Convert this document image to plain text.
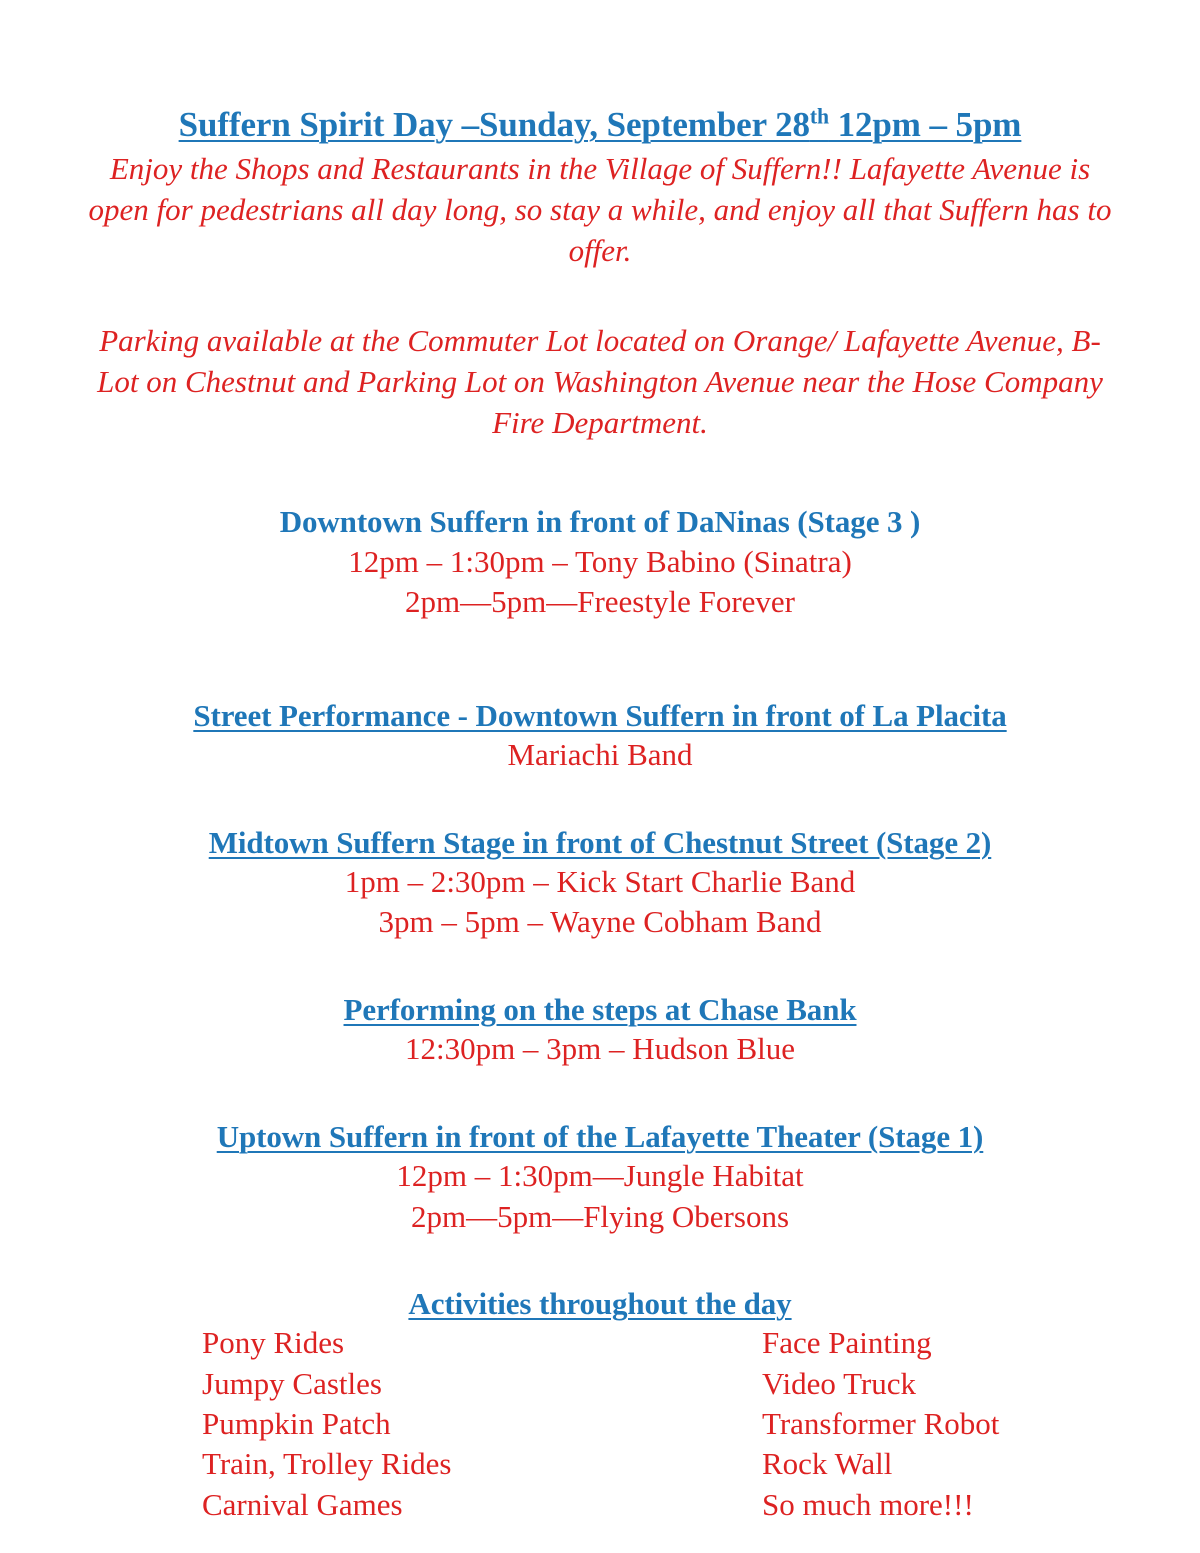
Suffern Spirit Day –Sunday, September 28th 12pm – 5pm

Enjoy the Shops and Restaurants in the Village of Suffern!! Lafayette Avenue is open for pedestrians all day long, so stay a while, and enjoy all that Suffern has to offer.

Parking available at the Commuter Lot located on Orange/ Lafayette Avenue, B-Lot on Chestnut and Parking Lot on Washington Avenue near the Hose Company Fire Department.

Downtown Suffern in front of DaNinas (Stage 3 )

12pm – 1:30pm – Tony Babino (Sinatra)

2pm—5pm—Freestyle Forever

Street Performance - Downtown Suffern in front of La Placita

Mariachi Band

Midtown Suffern Stage in front of Chestnut Street (Stage 2)

1pm – 2:30pm – Kick Start Charlie Band

3pm – 5pm – Wayne Cobham Band

Performing on the steps at Chase Bank

12:30pm – 3pm – Hudson Blue

Uptown Suffern in front of the Lafayette Theater (Stage 1)

12pm – 1:30pm—Jungle Habitat

2pm—5pm—Flying Obersons

Activities throughout the day
Pony Rides	Face Painting
Jumpy Castles	Video Truck
Pumpkin Patch	Transformer Robot
Train, Trolley Rides	Rock Wall
Carnival Games	So much more!!!
